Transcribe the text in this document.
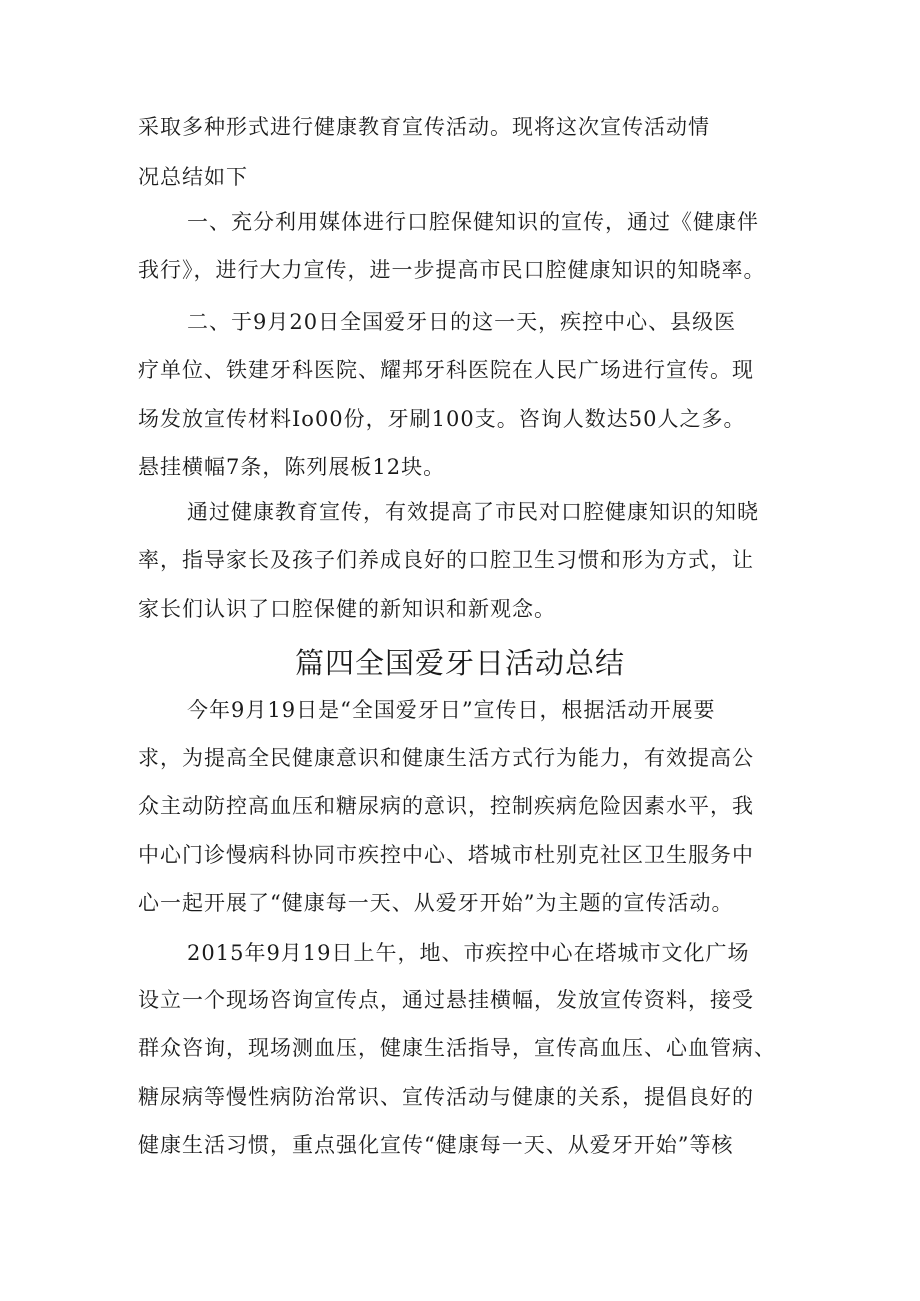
采取多种形式进行健康教育宣传活动。现将这次宣传活动情
况总结如下
一、充分利用媒体进行口腔保健知识的宣传，通过《健康伴
我行》，进行大力宣传，进一步提高市民口腔健康知识的知晓率。
二、于9月20日全国爱牙日的这一天，疾控中心、县级医
疗单位、铁建牙科医院、耀邦牙科医院在人民广场进行宣传。现
场发放宣传材料Io00份，牙刷100支。咨询人数达50人之多。
悬挂横幅7条，陈列展板12块。
通过健康教育宣传，有效提高了市民对口腔健康知识的知晓
率，指导家长及孩子们养成良好的口腔卫生习惯和形为方式，让
家长们认识了口腔保健的新知识和新观念。
篇四全国爱牙日活动总结
今年9月19日是“全国爱牙日”宣传日，根据活动开展要
求，为提高全民健康意识和健康生活方式行为能力，有效提高公
众主动防控高血压和糖尿病的意识，控制疾病危险因素水平，我
中心门诊慢病科协同市疾控中心、塔城市杜别克社区卫生服务中
心一起开展了“健康每一天、从爱牙开始”为主题的宣传活动。
2015年9月19日上午，地、市疾控中心在塔城市文化广场
设立一个现场咨询宣传点，通过悬挂横幅，发放宣传资料，接受
群众咨询，现场测血压，健康生活指导，宣传高血压、心血管病、
糖尿病等慢性病防治常识、宣传活动与健康的关系，提倡良好的
健康生活习惯，重点强化宣传“健康每一天、从爱牙开始”等核
